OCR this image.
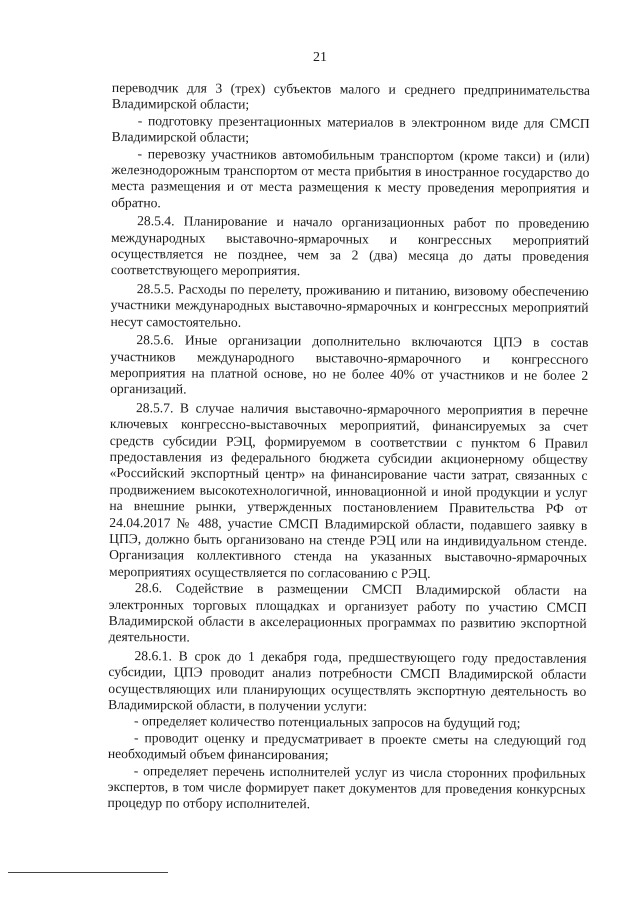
21

переводчик для 3 (трех) субъектов малого и среднего предпринимательства Владимирской области;

- подготовку презентационных материалов в электронном виде для СМСП Владимирской области;

- перевозку участников автомобильным транспортом (кроме такси) и (или) железнодорожным транспортом от места прибытия в иностранное государство до места размещения и от места размещения к месту проведения мероприятия и обратно.

28.5.4. Планирование и начало организационных работ по проведению международных выставочно-ярмарочных и конгрессных мероприятий осуществляется не позднее, чем за 2 (два) месяца до даты проведения соответствующего мероприятия.

28.5.5. Расходы по перелету, проживанию и питанию, визовому обеспечению участники международных выставочно-ярмарочных и конгрессных мероприятий несут самостоятельно.

28.5.6. Иные организации дополнительно включаются ЦПЭ в состав участников международного выставочно-ярмарочного и конгрессного мероприятия на платной основе, но не более 40% от участников и не более 2 организаций.

28.5.7. В случае наличия выставочно-ярмарочного мероприятия в перечне ключевых конгрессно-выставочных мероприятий, финансируемых за счет средств субсидии РЭЦ, формируемом в соответствии с пунктом 6 Правил предоставления из федерального бюджета субсидии акционерному обществу «Российский экспортный центр» на финансирование части затрат, связанных с продвижением высокотехнологичной, инновационной и иной продукции и услуг на внешние рынки, утвержденных постановлением Правительства РФ от 24.04.2017 № 488, участие СМСП Владимирской области, подавшего заявку в ЦПЭ, должно быть организовано на стенде РЭЦ или на индивидуальном стенде. Организация коллективного стенда на указанных выставочно-ярмарочных мероприятиях осуществляется по согласованию с РЭЦ.

28.6. Содействие в размещении СМСП Владимирской области на электронных торговых площадках и организует работу по участию СМСП Владимирской области в акселерационных программах по развитию экспортной деятельности.

28.6.1. В срок до 1 декабря года, предшествующего году предоставления субсидии, ЦПЭ проводит анализ потребности СМСП Владимирской области осуществляющих или планирующих осуществлять экспортную деятельность во Владимирской области, в получении услуги:

- определяет количество потенциальных запросов на будущий год;

- проводит оценку и предусматривает в проекте сметы на следующий год необходимый объем финансирования;

- определяет перечень исполнителей услуг из числа сторонних профильных экспертов, в том числе формирует пакет документов для проведения конкурсных процедур по отбору исполнителей.
